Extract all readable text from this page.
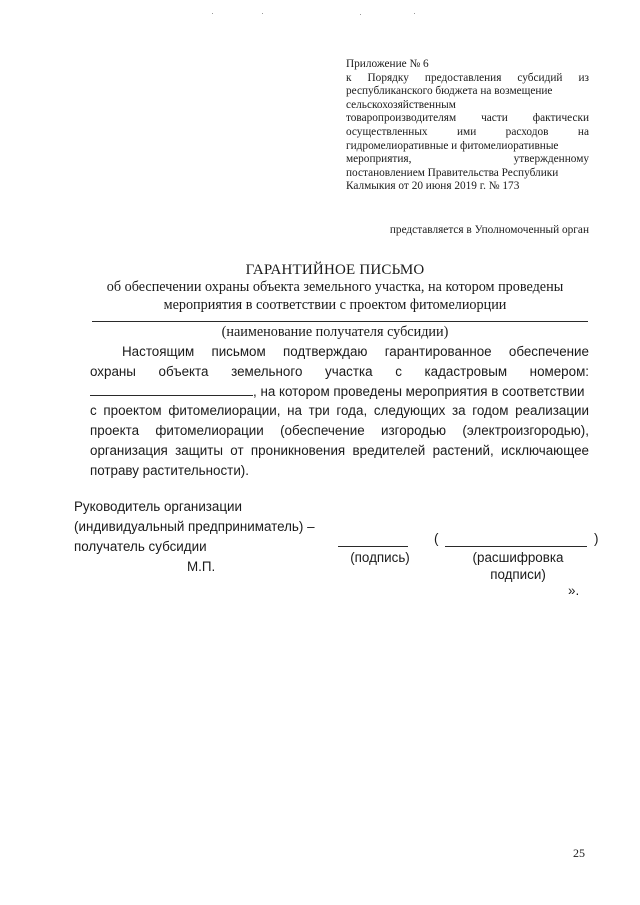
Приложение № 6
к Порядку предоставления субсидий из
республиканского бюджета на возмещение
сельскохозяйственным
товаропроизводителям части фактически
осуществленных ими расходов на
гидромелиоративные и фитомелиоративные
мероприятия, утвержденному
постановлением Правительства Республики
Калмыкия от 20 июня 2019 г. № 173
представляется в Уполномоченный орган
ГАРАНТИЙНОЕ ПИСЬМО
об обеспечении охраны объекта земельного участка, на котором проведены
мероприятия в соответствии с проектом фитомелиорции
(наименование получателя субсидии)
Настоящим письмом подтверждаю гарантированное обеспечение
охраны объекта земельного участка с кадастровым номером:
, на котором проведены мероприятия в соответствии
с проектом фитомелиорации, на три года, следующих за годом реализации
проекта фитомелиорации (обеспечение изгородью (электроизгородью),
организация защиты от проникновения вредителей растений, исключающее
потраву растительности).
Руководитель организации
(индивидуальный предприниматель) –
получатель субсидии
(	)
(подпись)	(расшифровка
подписи)
М.П.
».
25
